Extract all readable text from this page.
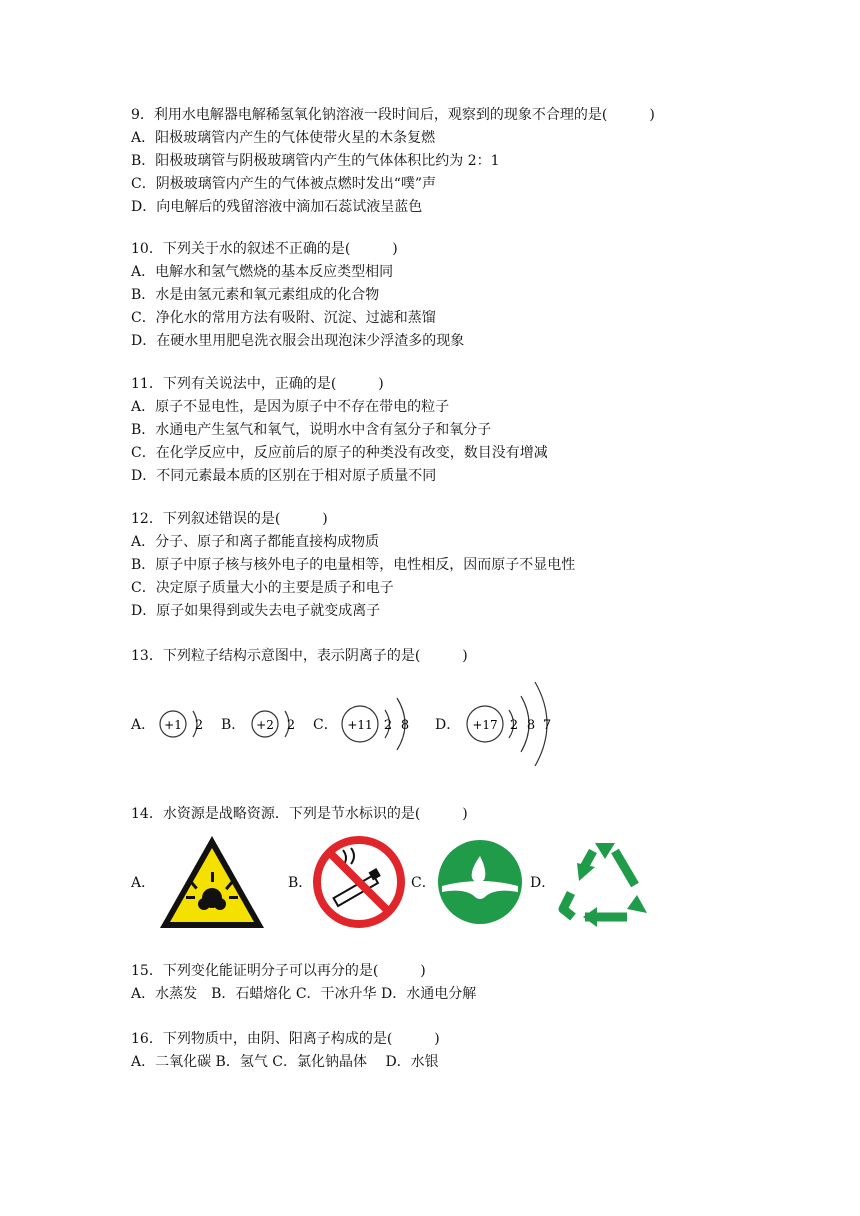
9．利用水电解器电解稀氢氧化钠溶液一段时间后，观察到的现象不合理的是(　　　)
A．阳极玻璃管内产生的气体使带火星的木条复燃
B．阳极玻璃管与阴极玻璃管内产生的气体体积比约为 2：1
C．阴极玻璃管内产生的气体被点燃时发出“噗”声
D．向电解后的残留溶液中滴加石蕊试液呈蓝色
10．下列关于水的叙述不正确的是(　　　)
A．电解水和氢气燃烧的基本反应类型相同
B．水是由氢元素和氧元素组成的化合物
C．净化水的常用方法有吸附、沉淀、过滤和蒸馏
D．在硬水里用肥皂洗衣服会出现泡沫少浮渣多的现象
11．下列有关说法中，正确的是(　　　)
A．原子不显电性，是因为原子中不存在带电的粒子
B．水通电产生氢气和氧气，说明水中含有氢分子和氧分子
C．在化学反应中，反应前后的原子的种类没有改变，数目没有增减
D．不同元素最本质的区别在于相对原子质量不同
12．下列叙述错误的是(　　　)
A．分子、原子和离子都能直接构成物质
B．原子中原子核与核外电子的电量相等，电性相反，因而原子不显电性
C．决定原子质量大小的主要是质子和电子
D．原子如果得到或失去电子就变成离子
13．下列粒子结构示意图中，表示阴离子的是(　　　)
A． +1 2 B． +2 2 C． +11 2 8 D．	+17 2 8 7
14．水资源是战略资源．下列是节水标识的是(　　　)
A．	B．	C．	D．
15．下列变化能证明分子可以再分的是(　　　)
A．水蒸发　B．石蜡熔化 C．干冰升华 D．水通电分解
16．下列物质中，由阴、阳离子构成的是(　　　)
A．二氧化碳 B．氢气 C．氯化钠晶体　 D．水银
